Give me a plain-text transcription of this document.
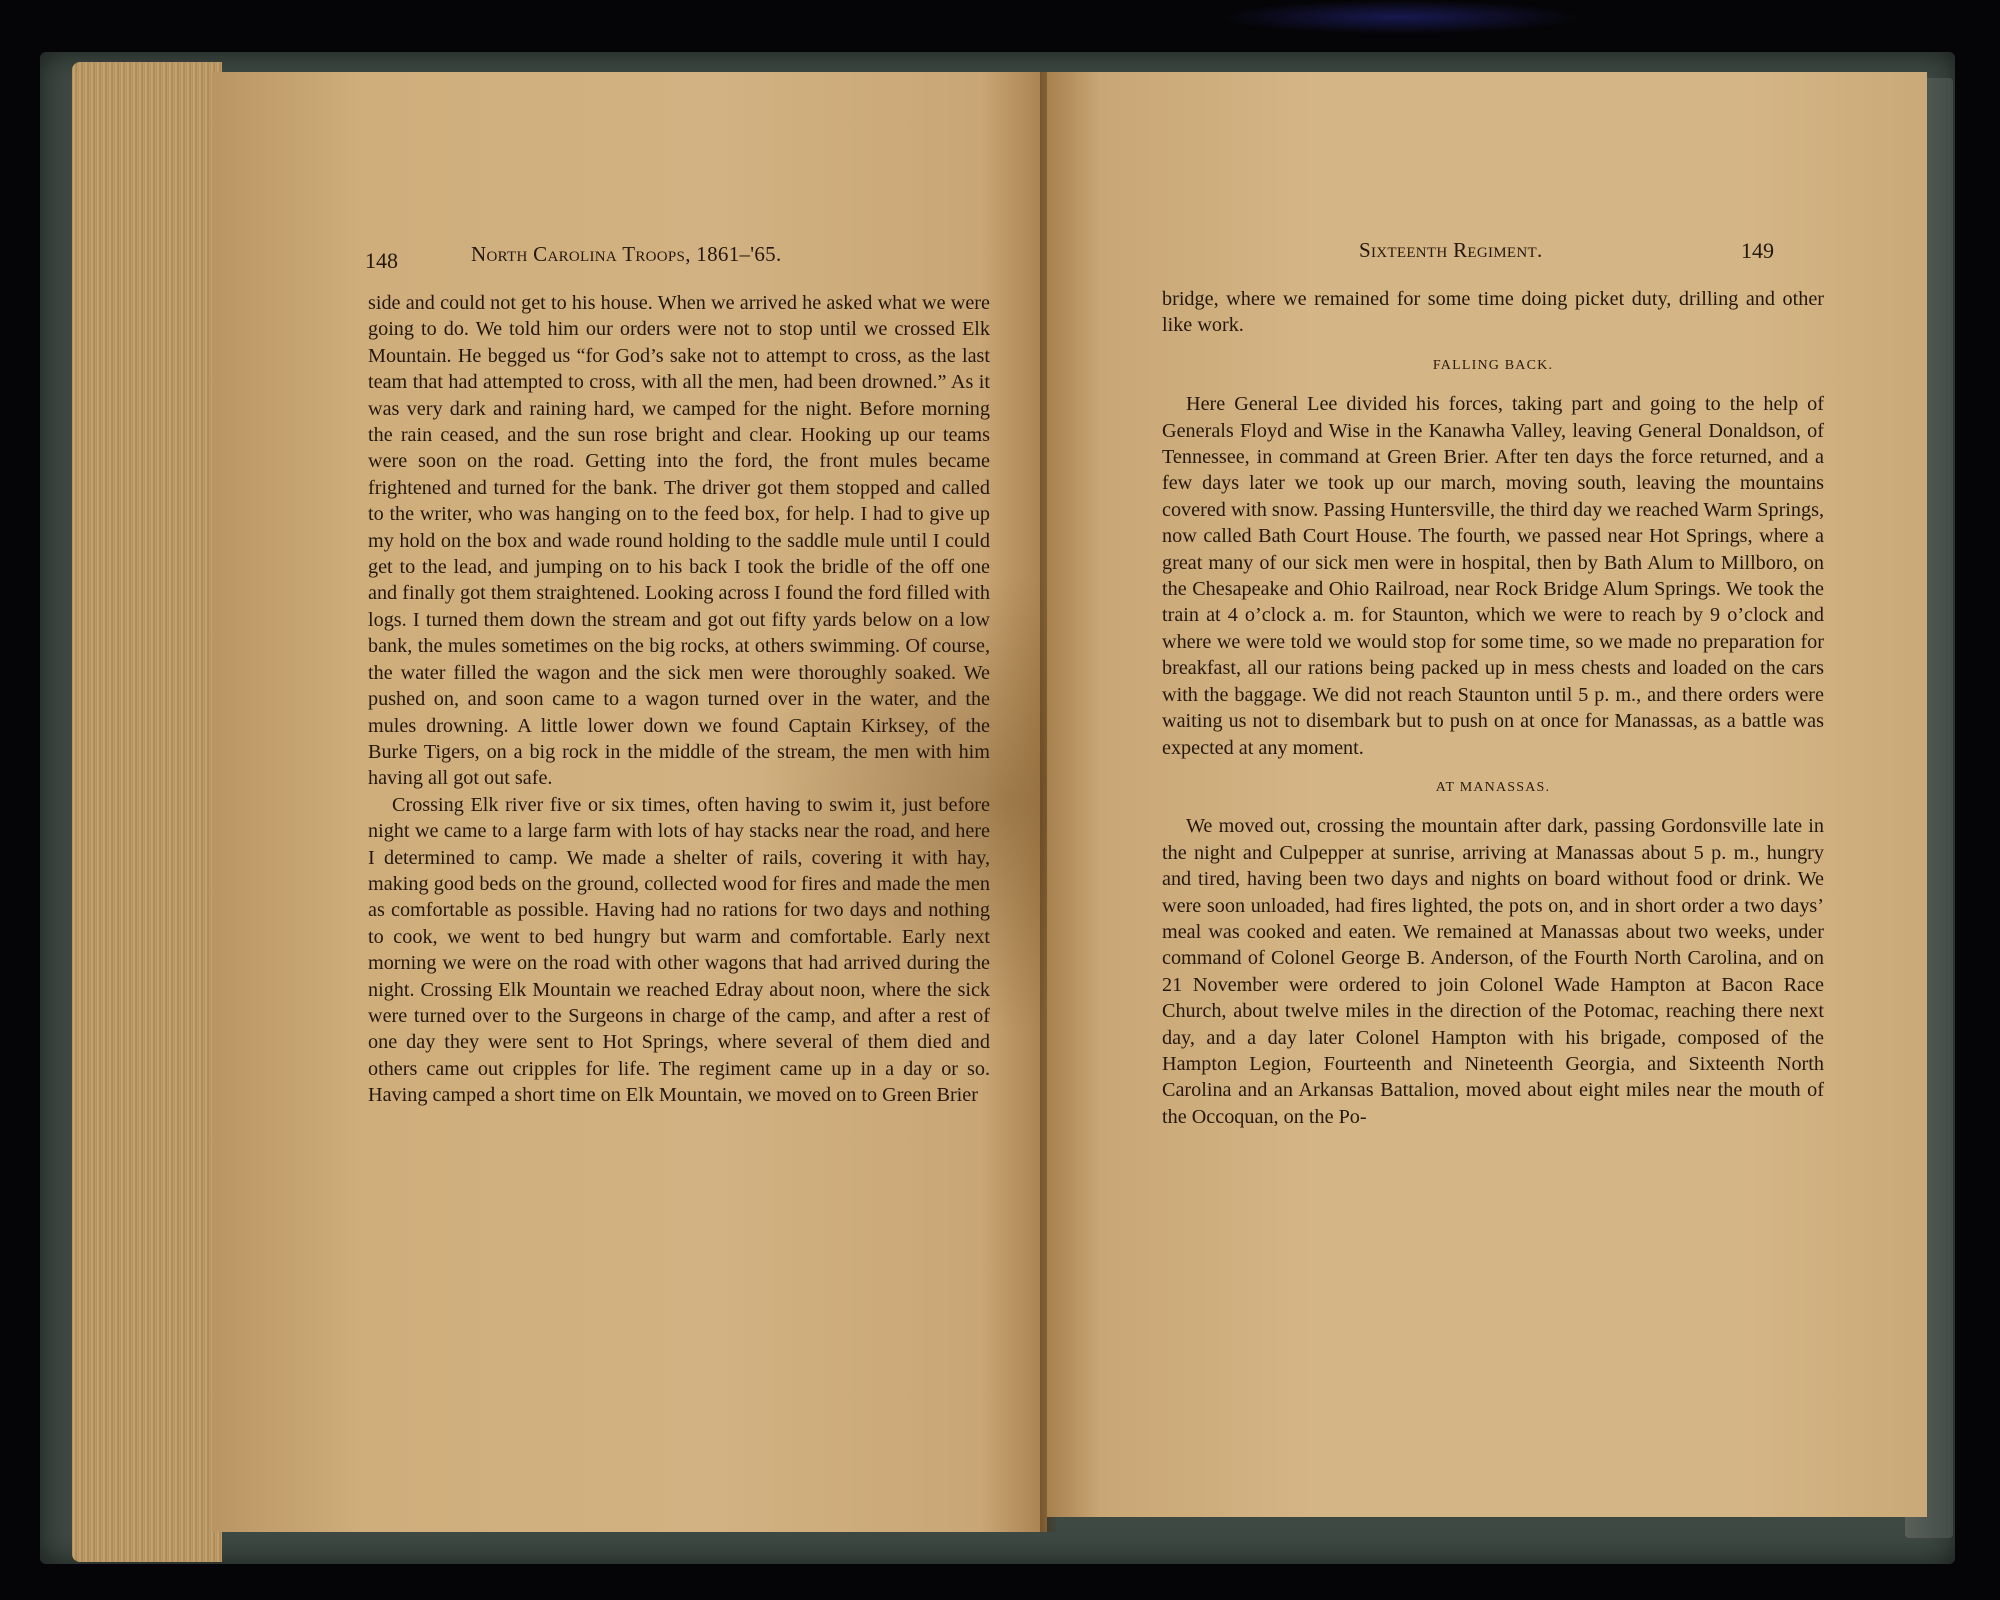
148	North Carolina Troops, 1861–'65.

side and could not get to his house. When we arrived he asked what we were going to do. We told him our orders were not to stop until we crossed Elk Mountain. He begged us “for God’s sake not to attempt to cross, as the last team that had attempted to cross, with all the men, had been drowned.” As it was very dark and raining hard, we camped for the night. Before morning the rain ceased, and the sun rose bright and clear. Hooking up our teams were soon on the road. Getting into the ford, the front mules became frightened and turned for the bank. The driver got them stopped and called to the writer, who was hanging on to the feed box, for help. I had to give up my hold on the box and wade round holding to the saddle mule until I could get to the lead, and jumping on to his back I took the bridle of the off one and finally got them straightened. Looking across I found the ford filled with logs. I turned them down the stream and got out fifty yards below on a low bank, the mules sometimes on the big rocks, at others swimming. Of course, the water filled the wagon and the sick men were thoroughly soaked. We pushed on, and soon came to a wagon turned over in the water, and the mules drowning. A little lower down we found Captain Kirksey, of the Burke Tigers, on a big rock in the middle of the stream, the men with him having all got out safe.

Crossing Elk river five or six times, often having to swim it, just before night we came to a large farm with lots of hay stacks near the road, and here I determined to camp. We made a shelter of rails, covering it with hay, making good beds on the ground, collected wood for fires and made the men as comfortable as possible. Having had no rations for two days and nothing to cook, we went to bed hungry but warm and comfortable. Early next morning we were on the road with other wagons that had arrived during the night. Crossing Elk Mountain we reached Edray about noon, where the sick were turned over to the Surgeons in charge of the camp, and after a rest of one day they were sent to Hot Springs, where several of them died and others came out cripples for life. The regiment came up in a day or so. Having camped a short time on Elk Mountain, we moved on to Green Brier

Sixteenth Regiment.	149

bridge, where we remained for some time doing picket duty, drilling and other like work.

FALLING BACK.

Here General Lee divided his forces, taking part and going to the help of Generals Floyd and Wise in the Kanawha Valley, leaving General Donaldson, of Tennessee, in command at Green Brier. After ten days the force returned, and a few days later we took up our march, moving south, leaving the mountains covered with snow. Passing Huntersville, the third day we reached Warm Springs, now called Bath Court House. The fourth, we passed near Hot Springs, where a great many of our sick men were in hospital, then by Bath Alum to Millboro, on the Chesapeake and Ohio Railroad, near Rock Bridge Alum Springs. We took the train at 4 o’clock a. m. for Staunton, which we were to reach by 9 o’clock and where we were told we would stop for some time, so we made no preparation for breakfast, all our rations being packed up in mess chests and loaded on the cars with the baggage. We did not reach Staunton until 5 p. m., and there orders were waiting us not to disembark but to push on at once for Manassas, as a battle was expected at any moment.

AT MANASSAS.

We moved out, crossing the mountain after dark, passing Gordonsville late in the night and Culpepper at sunrise, arriving at Manassas about 5 p. m., hungry and tired, having been two days and nights on board without food or drink. We were soon unloaded, had fires lighted, the pots on, and in short order a two days’ meal was cooked and eaten. We remained at Manassas about two weeks, under command of Colonel George B. Anderson, of the Fourth North Carolina, and on 21 November were ordered to join Colonel Wade Hampton at Bacon Race Church, about twelve miles in the direction of the Potomac, reaching there next day, and a day later Colonel Hampton with his brigade, composed of the Hampton Legion, Fourteenth and Nineteenth Georgia, and Sixteenth North Carolina and an Arkansas Battalion, moved about eight miles near the mouth of the Occoquan, on the Po-
